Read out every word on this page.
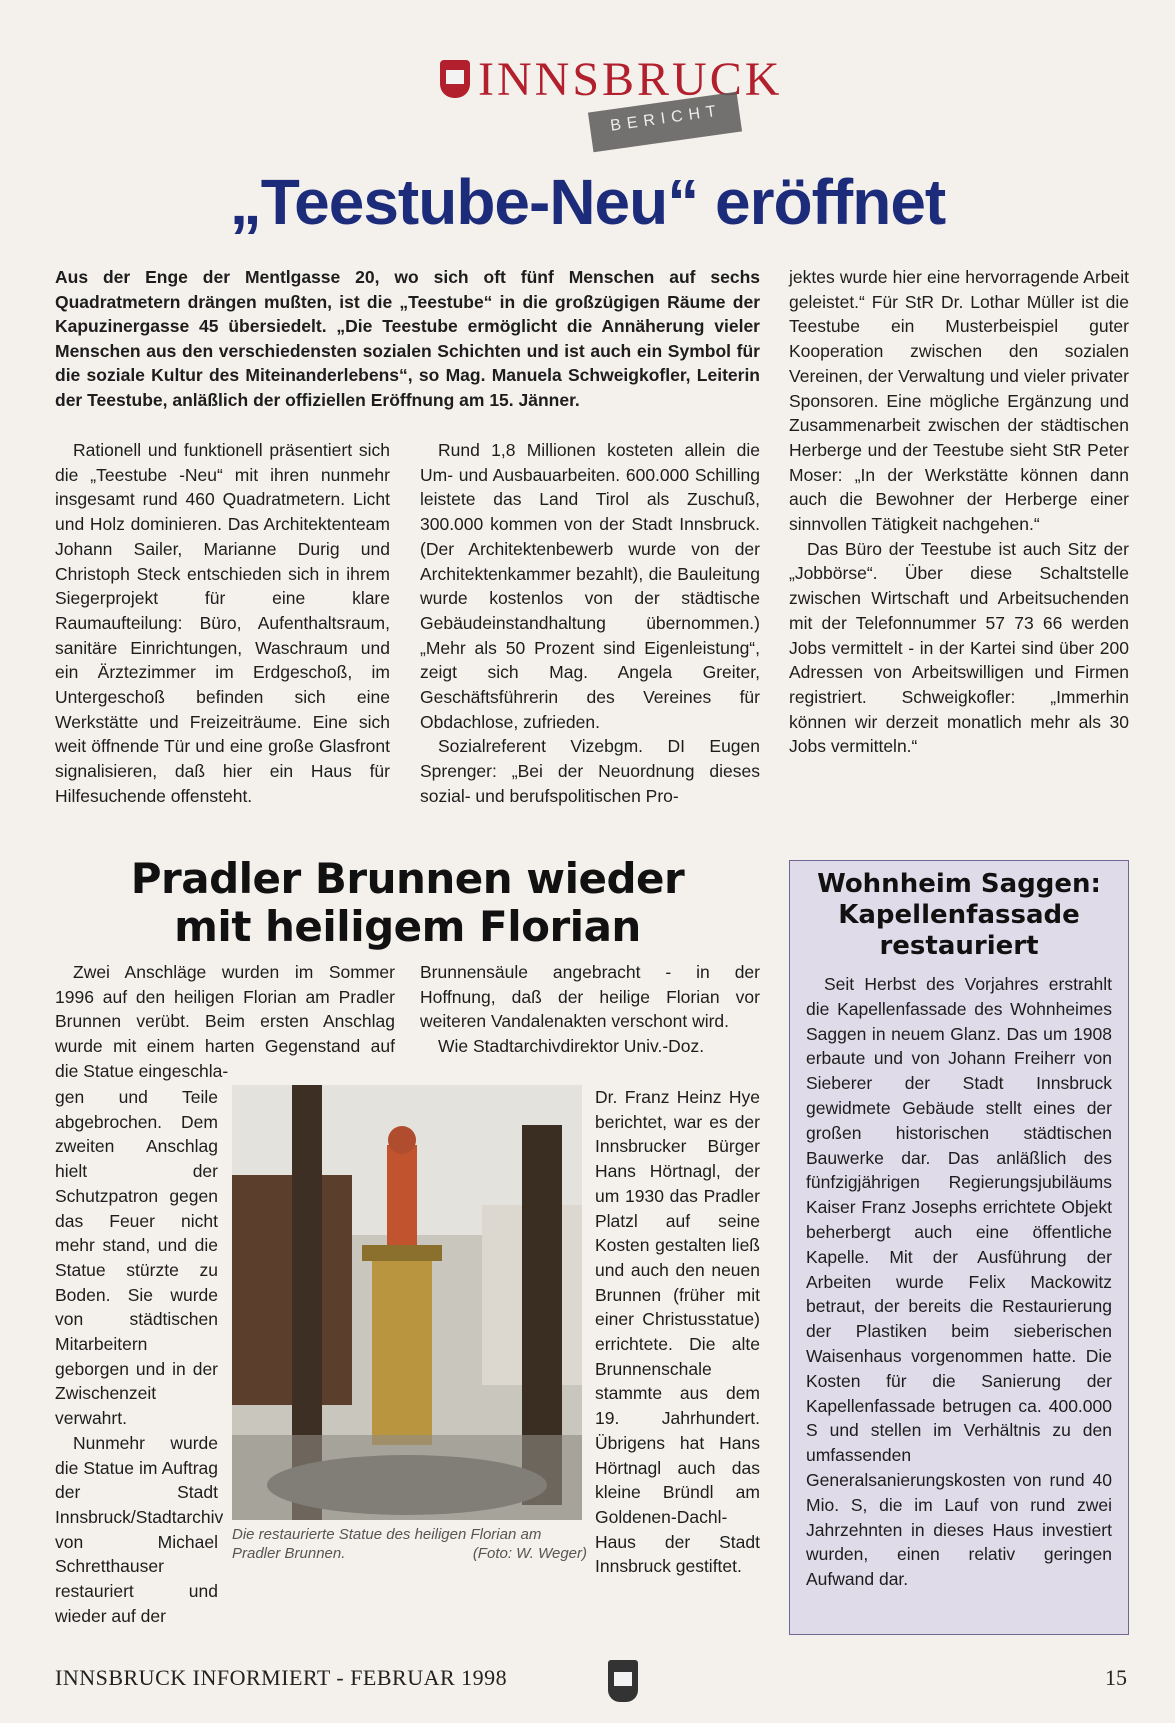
INNSBRUCK
BERICHT
„Teestube-Neu“ eröffnet
Aus der Enge der Mentlgasse 20, wo sich oft fünf Menschen auf sechs Quadratmetern drängen mußten, ist die „Teestube“ in die großzügigen Räume der Kapuzinergasse 45 übersiedelt. „Die Teestube ermöglicht die Annäherung vieler Menschen aus den verschiedensten sozialen Schichten und ist auch ein Symbol für die soziale Kultur des Miteinanderlebens“, so Mag. Manuela Schweigkofler, Leiterin der Teestube, anläßlich der offiziellen Eröffnung am 15. Jänner.

Rationell und funktionell präsentiert sich die „Teestube -Neu“ mit ihren nunmehr insgesamt rund 460 Quadratmetern. Licht und Holz dominieren. Das Architektenteam Johann Sailer, Marianne Durig und Christoph Steck entschieden sich in ihrem Siegerprojekt für eine klare Raumaufteilung: Büro, Aufenthaltsraum, sanitäre Einrichtungen, Waschraum und ein Ärztezimmer im Erdgeschoß, im Untergeschoß befinden sich eine Werkstätte und Freizeiträume. Eine sich weit öffnende Tür und eine große Glasfront signalisieren, daß hier ein Haus für Hilfesuchende offensteht.

Rund 1,8 Millionen kosteten allein die Um- und Ausbauarbeiten. 600.000 Schilling leistete das Land Tirol als Zuschuß, 300.000 kommen von der Stadt Innsbruck. (Der Architektenbewerb wurde von der Architektenkammer bezahlt), die Bauleitung wurde kostenlos von der städtische Gebäudeinstandhaltung übernommen.) „Mehr als 50 Prozent sind Eigenleistung“, zeigt sich Mag. Angela Greiter, Geschäftsführerin des Vereines für Obdachlose, zufrieden.

Sozialreferent Vizebgm. DI Eugen Sprenger: „Bei der Neuordnung dieses sozial- und berufspolitischen Pro-

jektes wurde hier eine hervorragende Arbeit geleistet.“ Für StR Dr. Lothar Müller ist die Teestube ein Musterbeispiel guter Kooperation zwischen den sozialen Vereinen, der Verwaltung und vieler privater Sponsoren. Eine mögliche Ergänzung und Zusammenarbeit zwischen der städtischen Herberge und der Teestube sieht StR Peter Moser: „In der Werkstätte können dann auch die Bewohner der Herberge einer sinnvollen Tätigkeit nachgehen.“

Das Büro der Teestube ist auch Sitz der „Jobbörse“. Über diese Schaltstelle zwischen Wirtschaft und Arbeitsuchenden mit der Telefonnummer 57 73 66 werden Jobs vermittelt - in der Kartei sind über 200 Adressen von Arbeitswilligen und Firmen registriert. Schweigkofler: „Immerhin können wir derzeit monatlich mehr als 30 Jobs vermitteln.“

Pradler Brunnen wieder
mit heiligem Florian

Zwei Anschläge wurden im Sommer 1996 auf den heiligen Florian am Pradler Brunnen verübt. Beim ersten Anschlag wurde mit einem harten Gegenstand auf die Statue eingeschla-

Brunnensäule angebracht - in der Hoffnung, daß der heilige Florian vor weiteren Vandalenakten verschont wird.

Wie Stadtarchivdirektor Univ.-Doz.

gen und Teile abgebrochen. Dem zweiten Anschlag hielt der Schutzpatron gegen das Feuer nicht mehr stand, und die Statue stürzte zu Boden. Sie wurde von städtischen Mitarbeitern geborgen und in der Zwischenzeit verwahrt.

Nunmehr wurde die Statue im Auftrag der Stadt Innsbruck/Stadtarchiv von Michael Schretthauser restauriert und wieder auf der

Dr. Franz Heinz Hye berichtet, war es der Innsbrucker Bürger Hans Hörtnagl, der um 1930 das Pradler Platzl auf seine Kosten gestalten ließ und auch den neuen Brunnen (früher mit einer Christusstatue) errichtete. Die alte Brunnenschale stammte aus dem 19. Jahrhundert. Übrigens hat Hans Hörtnagl auch das kleine Bründl am Goldenen-Dachl-Haus der Stadt Innsbruck gestiftet.

Die restaurierte Statue des heiligen Florian am Pradler Brunnen.	(Foto: W. Weger)
Wohnheim Saggen: Kapellenfassade restauriert

Seit Herbst des Vorjahres erstrahlt die Kapellenfassade des Wohnheimes Saggen in neuem Glanz. Das um 1908 erbaute und von Johann Freiherr von Sieberer der Stadt Innsbruck gewidmete Gebäude stellt eines der großen historischen städtischen Bauwerke dar. Das anläßlich des fünfzigjährigen Regierungsjubiläums Kaiser Franz Josephs errichtete Objekt beherbergt auch eine öffentliche Kapelle. Mit der Ausführung der Arbeiten wurde Felix Mackowitz betraut, der bereits die Restaurierung der Plastiken beim sieberischen Waisenhaus vorgenommen hatte. Die Kosten für die Sanierung der Kapellenfassade betrugen ca. 400.000 S und stellen im Verhältnis zu den umfassenden Generalsanierungskosten von rund 40 Mio. S, die im Lauf von rund zwei Jahrzehnten in dieses Haus investiert wurden, einen relativ geringen Aufwand dar.

INNSBRUCK INFORMIERT - FEBRUAR 1998	15
